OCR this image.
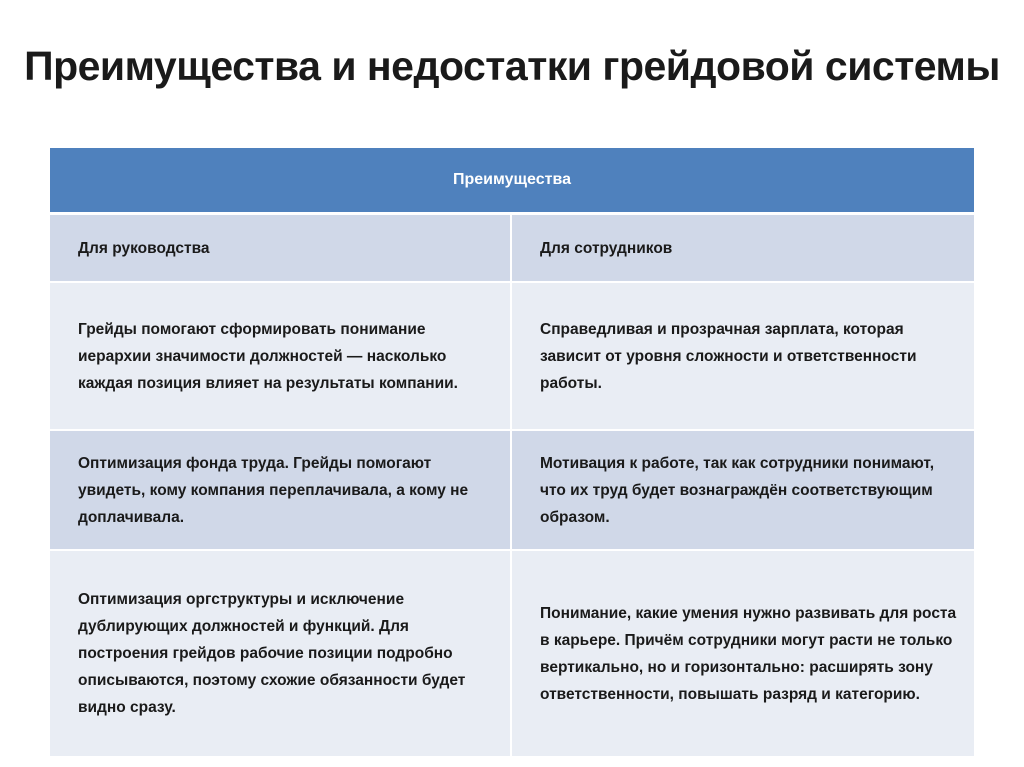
Преимущества и недостатки грейдовой системы
Преимущества
Для руководства	Для сотрудников
Грейды помогают сформировать понимание иерархии значимости должностей — насколько каждая позиция влияет на результаты компании.
Справедливая и прозрачная зарплата, которая зависит от уровня сложности и ответственности работы.
Оптимизация фонда труда. Грейды помогают увидеть, кому компания переплачивала, а кому не доплачивала.
Мотивация к работе, так как сотрудники понимают, что их труд будет вознаграждён соответствующим образом.
Оптимизация оргструктуры и исключение дублирующих должностей и функций. Для построения грейдов рабочие позиции подробно описываются, поэтому схожие обязанности будет видно сразу.
Понимание, какие умения нужно развивать для роста в карьере. Причём сотрудники могут расти не только вертикально, но и горизонтально: расширять зону ответственности, повышать разряд и категорию.
